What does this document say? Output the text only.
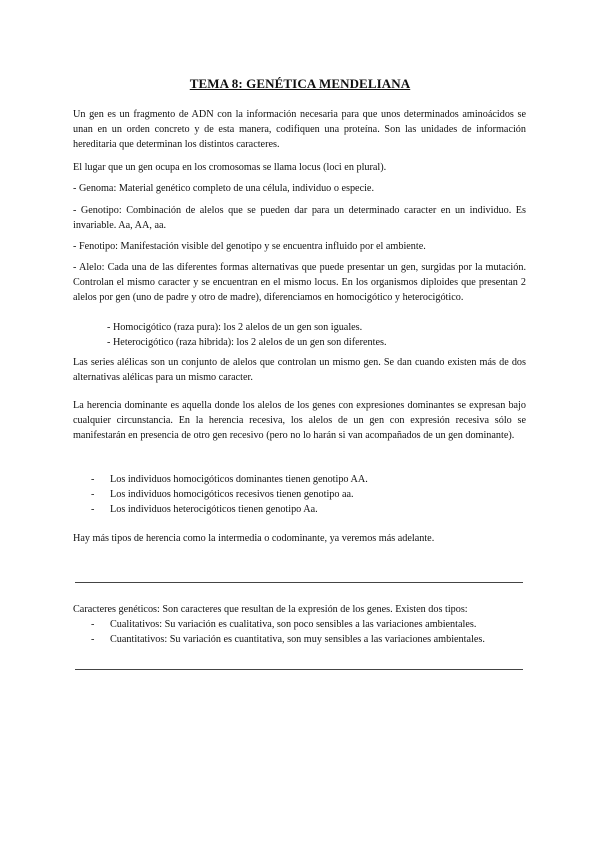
TEMA 8: GENÉTICA MENDELIANA

Un gen es un fragmento de ADN con la información necesaria para que unos determinados aminoácidos se unan en un orden concreto y de esta manera, codifiquen una proteína. Son las unidades de información hereditaria que determinan los distintos caracteres.

El lugar que un gen ocupa en los cromosomas se llama locus (loci en plural).

- Genoma: Material genético completo de una célula, individuo o especie.

- Genotipo: Combinación de alelos que se pueden dar para un determinado caracter en un individuo. Es invariable. Aa, AA, aa.

- Fenotipo: Manifestación visible del genotipo y se encuentra influido por el ambiente.

- Alelo: Cada una de las diferentes formas alternativas que puede presentar un gen, surgidas por la mutación. Controlan el mismo caracter y se encuentran en el mismo locus. En los organismos diploides que presentan 2 alelos por gen (uno de padre y otro de madre), diferenciamos en homocigótico y heterocigótico.

- Homocigótico (raza pura): los 2 alelos de un gen son iguales.
- Heterocigótico (raza hibrida): los 2 alelos de un gen son diferentes.

Las series alélicas son un conjunto de alelos que controlan un mismo gen. Se dan cuando existen más de dos alternativas alélicas para un mismo caracter.

La herencia dominante es aquella donde los alelos de los genes con expresiones dominantes se expresan bajo cualquier circunstancia. En la herencia recesiva, los alelos de un gen con expresión recesiva sólo se manifestarán en presencia de otro gen recesivo (pero no lo harán si van acompañados de un gen dominante).

- Los individuos homocigóticos dominantes tienen genotipo AA.
- Los individuos homocigóticos recesivos tienen genotipo aa.
- Los individuos heterocigóticos tienen genotipo Aa.

Hay más tipos de herencia como la intermedia o codominante, ya veremos más adelante.

Caracteres genéticos: Son caracteres que resultan de la expresión de los genes. Existen dos tipos:

- Cualitativos: Su variación es cualitativa, son poco sensibles a las variaciones ambientales.
- Cuantitativos: Su variación es cuantitativa, son muy sensibles a las variaciones ambientales.
